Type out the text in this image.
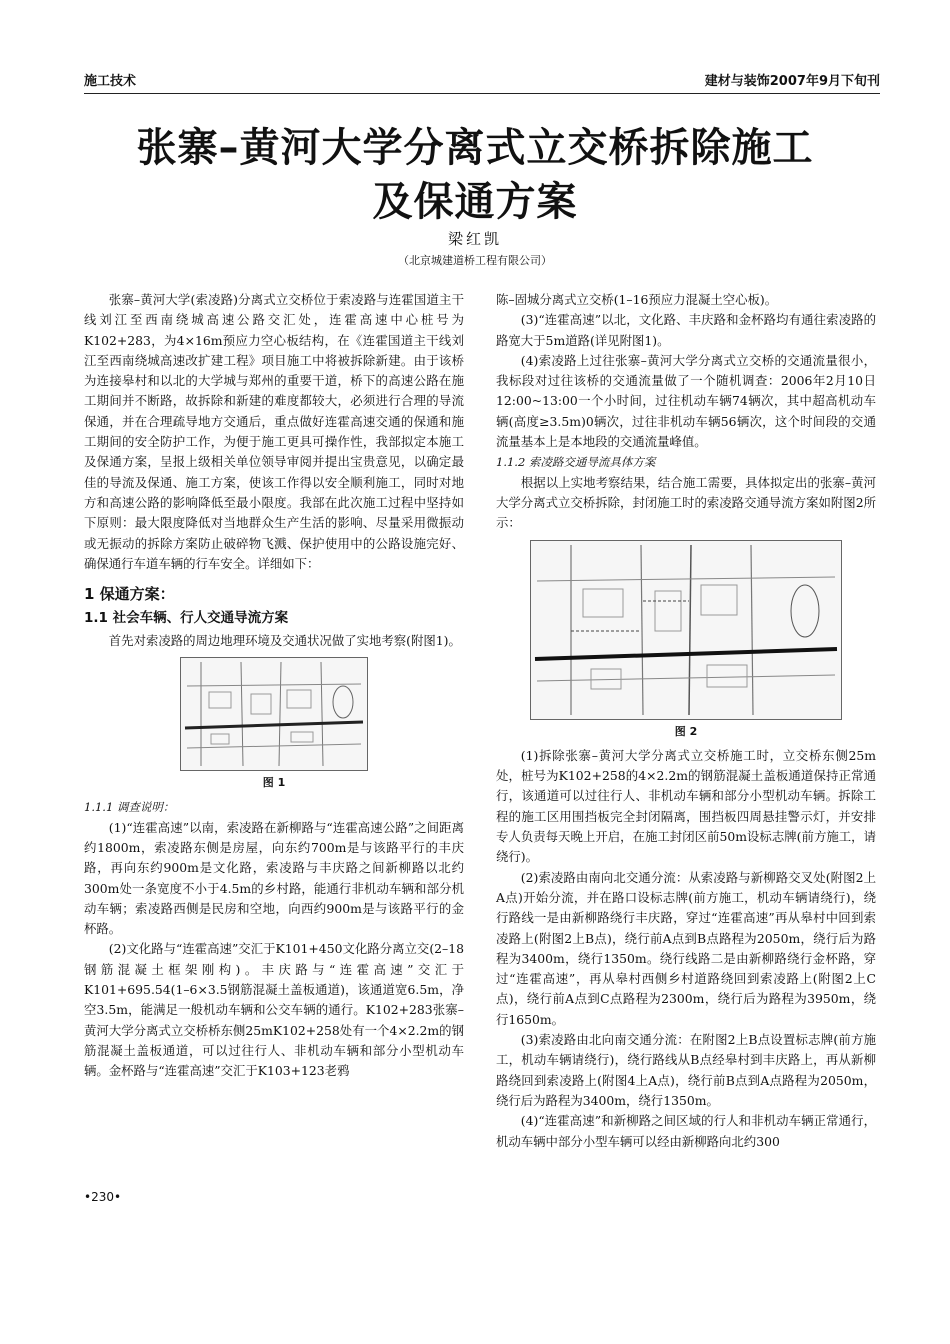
施工技术	建材与装饰2007年9月下旬刊
张寨–黄河大学分离式立交桥拆除施工
及保通方案
梁红凯
（北京城建道桥工程有限公司）

张寨–黄河大学(索凌路)分离式立交桥位于索凌路与连霍国道主干线刘江至西南绕城高速公路交汇处，连霍高速中心桩号为K102+283，为4×16m预应力空心板结构，在《连霍国道主干线刘江至西南绕城高速改扩建工程》项目施工中将被拆除新建。由于该桥为连接皋村和以北的大学城与郑州的重要干道，桥下的高速公路在施工期间并不断路，故拆除和新建的难度都较大，必须进行合理的导流保通，并在合理疏导地方交通后，重点做好连霍高速交通的保通和施工期间的安全防护工作，为便于施工更具可操作性，我部拟定本施工及保通方案，呈报上级相关单位领导审阅并提出宝贵意见，以确定最佳的导流及保通、施工方案，使该工作得以安全顺利施工，同时对地方和高速公路的影响降低至最小限度。我部在此次施工过程中坚持如下原则：最大限度降低对当地群众生产生活的影响、尽量采用微振动或无振动的拆除方案防止破碎物飞溅、保护使用中的公路设施完好、确保通行车道车辆的行车安全。详细如下：

1 保通方案：
1.1 社会车辆、行人交通导流方案

首先对索凌路的周边地理环境及交通状况做了实地考察(附图1)。

图 1
1.1.1 调查说明：

(1)“连霍高速”以南，索凌路在新柳路与“连霍高速公路”之间距离约1800m，索凌路东侧是房屋，向东约700m是与该路平行的丰庆路，再向东约900m是文化路，索凌路与丰庆路之间新柳路以北约300m处一条宽度不小于4.5m的乡村路，能通行非机动车辆和部分机动车辆；索凌路西侧是民房和空地，向西约900m是与该路平行的金杯路。

(2)文化路与“连霍高速”交汇于K101+450文化路分离立交(2–18钢筋混凝土框架刚构)。丰庆路与“连霍高速”交汇于K101+695.54(1–6×3.5钢筋混凝土盖板通道)，该通道宽6.5m，净空3.5m，能满足一般机动车辆和公交车辆的通行。K102+283张寨–黄河大学分离式立交桥桥东侧25mK102+258处有一个4×2.2m的钢筋混凝土盖板通道，可以过往行人、非机动车辆和部分小型机动车辆。金杯路与“连霍高速”交汇于K103+123老鸦

陈–固城分离式立交桥(1–16预应力混凝土空心板)。

(3)“连霍高速”以北，文化路、丰庆路和金杯路均有通往索凌路的路宽大于5m道路(详见附图1)。

(4)索凌路上过往张寨–黄河大学分离式立交桥的交通流量很小，我标段对过往该桥的交通流量做了一个随机调查：2006年2月10日12:00~13:00一个小时间，过往机动车辆74辆次，其中超高机动车辆(高度≥3.5m)0辆次，过往非机动车辆56辆次，这个时间段的交通流量基本上是本地段的交通流量峰值。

1.1.2 索凌路交通导流具体方案

根据以上实地考察结果，结合施工需要，具体拟定出的张寨–黄河大学分离式立交桥拆除，封闭施工时的索凌路交通导流方案如附图2所示：

图 2

(1)拆除张寨–黄河大学分离式立交桥施工时，立交桥东侧25m处，桩号为K102+258的4×2.2m的钢筋混凝土盖板通道保持正常通行，该通道可以过往行人、非机动车辆和部分小型机动车辆。拆除工程的施工区用围挡板完全封闭隔离，围挡板四周悬挂警示灯，并安排专人负责每天晚上开启，在施工封闭区前50m设标志牌(前方施工，请绕行)。

(2)索凌路由南向北交通分流：从索凌路与新柳路交叉处(附图2上A点)开始分流，并在路口设标志牌(前方施工，机动车辆请绕行)，绕行路线一是由新柳路绕行丰庆路，穿过“连霍高速”再从皋村中回到索凌路上(附图2上B点)，绕行前A点到B点路程为2050m，绕行后为路程为3400m，绕行1350m。绕行线路二是由新柳路绕行金杯路，穿过“连霍高速”，再从皋村西侧乡村道路绕回到索凌路上(附图2上C点)，绕行前A点到C点路程为2300m，绕行后为路程为3950m，绕行1650m。

(3)索凌路由北向南交通分流：在附图2上B点设置标志牌(前方施工，机动车辆请绕行)，绕行路线从B点经皋村到丰庆路上，再从新柳路绕回到索凌路上(附图4上A点)，绕行前B点到A点路程为2050m，绕行后为路程为3400m，绕行1350m。

(4)“连霍高速”和新柳路之间区域的行人和非机动车辆正常通行，机动车辆中部分小型车辆可以经由新柳路向北约300

•230•
